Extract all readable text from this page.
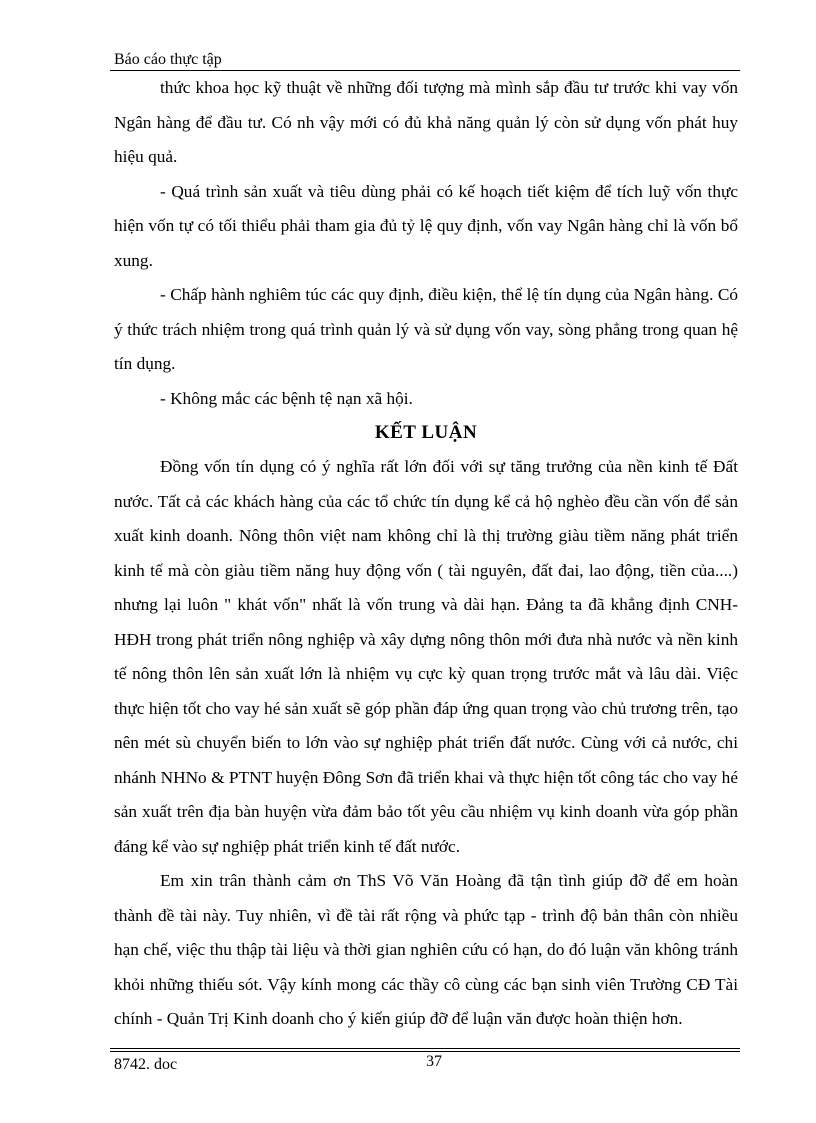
Báo cáo thực tập

thức khoa học kỹ thuật về những đối tượng mà mình sắp đầu tư trước khi vay vốn Ngân hàng để đầu tư. Có nh vậy mới có đủ khả năng quản lý còn sử dụng vốn phát huy hiệu quả.

- Quá trình sản xuất và tiêu dùng phải có kế hoạch tiết kiệm để tích luỹ vốn thực hiện vốn tự có tối thiểu phải tham gia đủ tỷ lệ quy định, vốn vay Ngân hàng chỉ là vốn bổ xung.

- Chấp hành nghiêm túc các quy định, điều kiện, thể lệ tín dụng của Ngân hàng. Có ý thức trách nhiệm trong quá trình quản lý và sử dụng vốn vay, sòng phẳng trong quan hệ tín dụng.

- Không mắc các bệnh tệ nạn xã hội.

KẾT LUẬN

Đồng vốn tín dụng có ý nghĩa rất lớn đối với sự tăng trưởng của nền kinh tế Đất nước. Tất cả các khách hàng của các tổ chức tín dụng kể cả hộ nghèo đều cần vốn để sản xuất kinh doanh. Nông thôn việt nam không chỉ là thị trường giàu tiềm năng phát triển kinh tế mà còn giàu tiềm năng huy động vốn ( tài nguyên, đất đai, lao động, tiền của....) nhưng lại luôn " khát vốn" nhất là vốn trung và dài hạn. Đảng ta đã khẳng định CNH- HĐH trong phát triển nông nghiệp và xây dựng nông thôn mới đưa nhà nước và nền kinh tế nông thôn lên sản xuất lớn là nhiệm vụ cực kỳ quan trọng trước mắt và lâu dài. Việc thực hiện tốt cho vay hé sản xuất sẽ góp phần đáp ứng quan trọng vào chủ trương trên, tạo nên mét sù chuyển biến to lớn vào sự nghiệp phát triển đất nước. Cùng với cả nước, chi nhánh NHNo & PTNT huyện Đông Sơn đã triển khai và thực hiện tốt công tác cho vay hé sản xuất trên địa bàn huyện vừa đảm bảo tốt yêu cầu nhiệm vụ kinh doanh vừa góp phần đáng kể vào sự nghiệp phát triển kinh tế đất nước.

Em xin trân thành cảm ơn ThS Võ Văn Hoàng đã tận tình giúp đỡ để em hoàn thành đề tài này. Tuy nhiên, vì đề tài rất rộng và phức tạp - trình độ bản thân còn nhiều hạn chế, việc thu thập tài liệu và thời gian nghiên cứu có hạn, do đó luận văn không tránh khỏi những thiếu sót. Vậy kính mong các thầy cô cùng các bạn sinh viên Trường CĐ Tài chính - Quản Trị Kinh doanh cho ý kiến giúp đỡ để luận văn được hoàn thiện hơn.

8742. doc	37
